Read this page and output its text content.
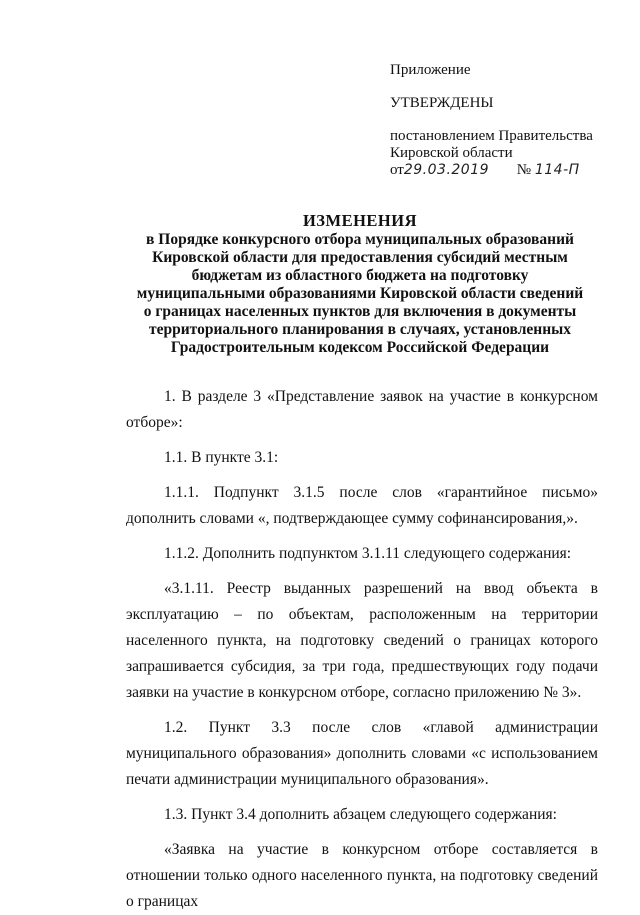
Приложение
УТВЕРЖДЕНЫ
постановлением Правительства
Кировской области
от29.03.2019 № 114-П
ИЗМЕНЕНИЯ
в Порядке конкурсного отбора муниципальных образований
Кировской области для предоставления субсидий местным
бюджетам из областного бюджета на подготовку
муниципальными образованиями Кировской области сведений
о границах населенных пунктов для включения в документы
территориального планирования в случаях, установленных
Градостроительным кодексом Российской Федерации

1. В разделе 3 «Представление заявок на участие в конкурсном отборе»:

1.1. В пункте 3.1:

1.1.1. Подпункт 3.1.5 после слов «гарантийное письмо» дополнить словами «, подтверждающее сумму софинансирования,».

1.1.2. Дополнить подпунктом 3.1.11 следующего содержания:

«3.1.11. Реестр выданных разрешений на ввод объекта в эксплуатацию – по объектам, расположенным на территории населенного пункта, на подготовку сведений о границах которого запрашивается субсидия, за три года, предшествующих году подачи заявки на участие в конкурсном отборе, согласно приложению № 3».

1.2. Пункт 3.3 после слов «главой администрации муниципального образования» дополнить словами «с использованием печати администрации муниципального образования».

1.3. Пункт 3.4 дополнить абзацем следующего содержания:

«Заявка на участие в конкурсном отборе составляется в отношении только одного населенного пункта, на подготовку сведений о границах
